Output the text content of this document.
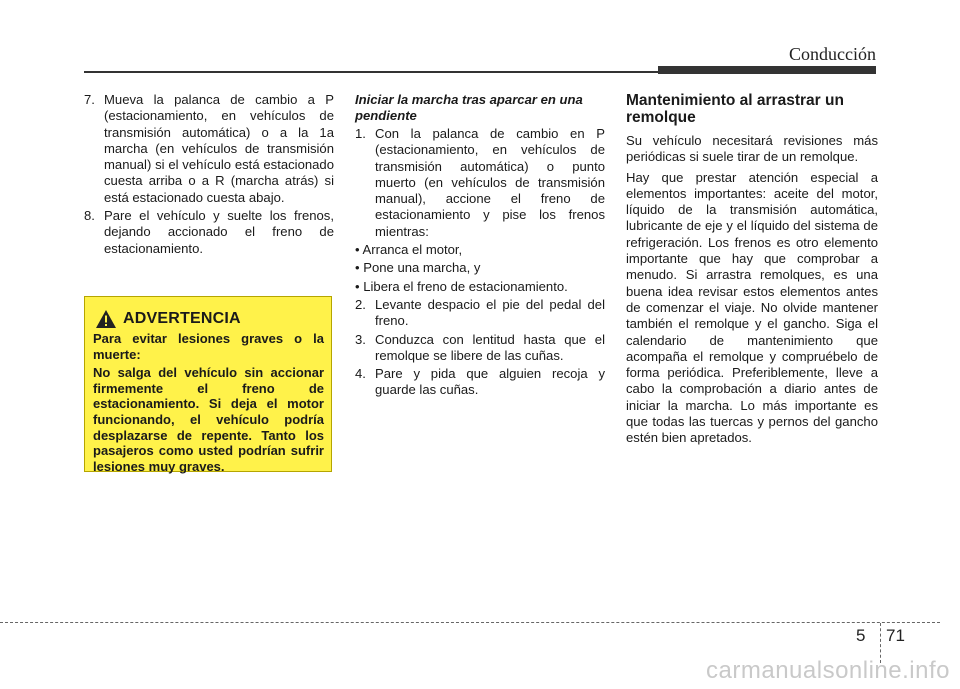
Conducción
7. Mueva la palanca de cambio a P (estacionamiento, en vehículos de transmisión automática) o a la 1a marcha (en vehículos de transmisión manual) si el vehículo está estacionado cuesta arriba o a R (marcha atrás) si está estacionado cuesta abajo.
8. Pare el vehículo y suelte los frenos, dejando accionado el freno de estacionamiento.
ADVERTENCIA

Para evitar lesiones graves o la muerte:

No salga del vehículo sin accionar firmemente el freno de estacionamiento. Si deja el motor funcionando, el vehículo podría desplazarse de repente. Tanto los pasajeros como usted podrían sufrir lesiones muy graves.

Iniciar la marcha tras aparcar en una pendiente

1. Con la palanca de cambio en P (estacionamiento, en vehículos de transmisión automática) o punto muerto (en vehículos de transmisión manual), accione el freno de estacionamiento y pise los frenos mientras:
• Arranca el motor,
• Pone una marcha, y
• Libera el freno de estacionamiento.
2. Levante despacio el pie del pedal del freno.
3. Conduzca con lentitud hasta que el remolque se libere de las cuñas.
4. Pare y pida que alguien recoja y guarde las cuñas.

Mantenimiento al arrastrar un remolque

Su vehículo necesitará revisiones más periódicas si suele tirar de un remolque.

Hay que prestar atención especial a elementos importantes: aceite del motor, líquido de la transmisión automática, lubricante de eje y el líquido del sistema de refrigeración. Los frenos es otro elemento importante que hay que comprobar a menudo. Si arrastra remolques, es una buena idea revisar estos elementos antes de comenzar el viaje. No olvide mantener también el remolque y el gancho. Siga el calendario de mantenimiento que acompaña el remolque y compruébelo de forma periódica. Preferiblemente, lleve a cabo la comprobación a diario antes de iniciar la marcha. Lo más importante es que todas las tuercas y pernos del gancho estén bien apretados.

5 71
carmanualsonline.info
